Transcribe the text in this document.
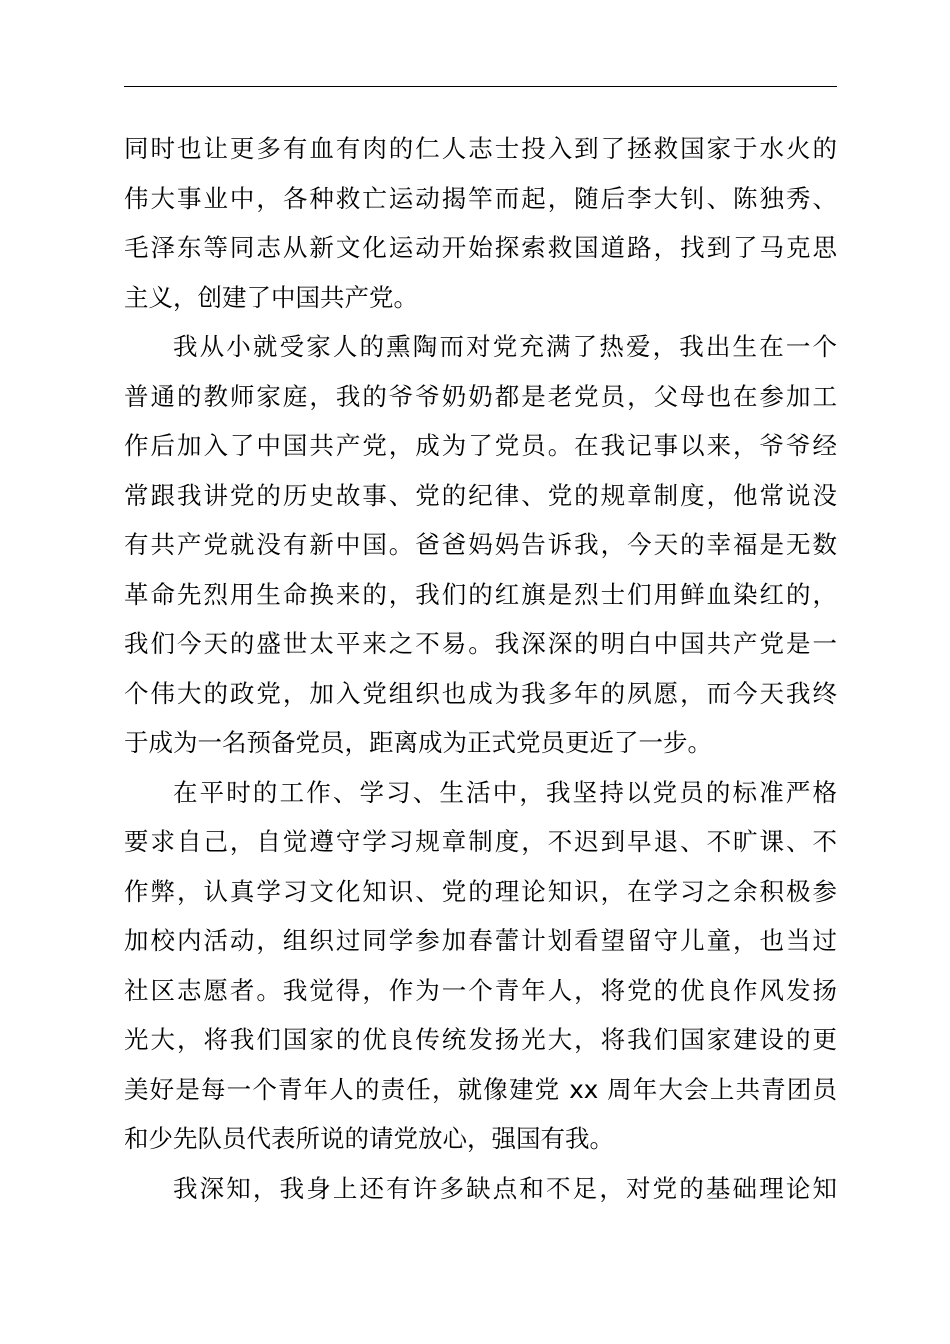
同时也让更多有血有肉的仁人志士投入到了拯救国家于水火的
伟大事业中，各种救亡运动揭竿而起，随后李大钊、陈独秀、
毛泽东等同志从新文化运动开始探索救国道路，找到了马克思
主义，创建了中国共产党。
我从小就受家人的熏陶而对党充满了热爱，我出生在一个
普通的教师家庭，我的爷爷奶奶都是老党员，父母也在参加工
作后加入了中国共产党，成为了党员。在我记事以来，爷爷经
常跟我讲党的历史故事、党的纪律、党的规章制度，他常说没
有共产党就没有新中国。爸爸妈妈告诉我，今天的幸福是无数
革命先烈用生命换来的，我们的红旗是烈士们用鲜血染红的，
我们今天的盛世太平来之不易。我深深的明白中国共产党是一
个伟大的政党，加入党组织也成为我多年的夙愿，而今天我终
于成为一名预备党员，距离成为正式党员更近了一步。
在平时的工作、学习、生活中，我坚持以党员的标准严格
要求自己，自觉遵守学习规章制度，不迟到早退、不旷课、不
作弊，认真学习文化知识、党的理论知识，在学习之余积极参
加校内活动，组织过同学参加春蕾计划看望留守儿童，也当过
社区志愿者。我觉得，作为一个青年人，将党的优良作风发扬
光大，将我们国家的优良传统发扬光大，将我们国家建设的更
美好是每一个青年人的责任，就像建党 xx 周年大会上共青团员
和少先队员代表所说的请党放心，强国有我。
我深知，我身上还有许多缺点和不足，对党的基础理论知
